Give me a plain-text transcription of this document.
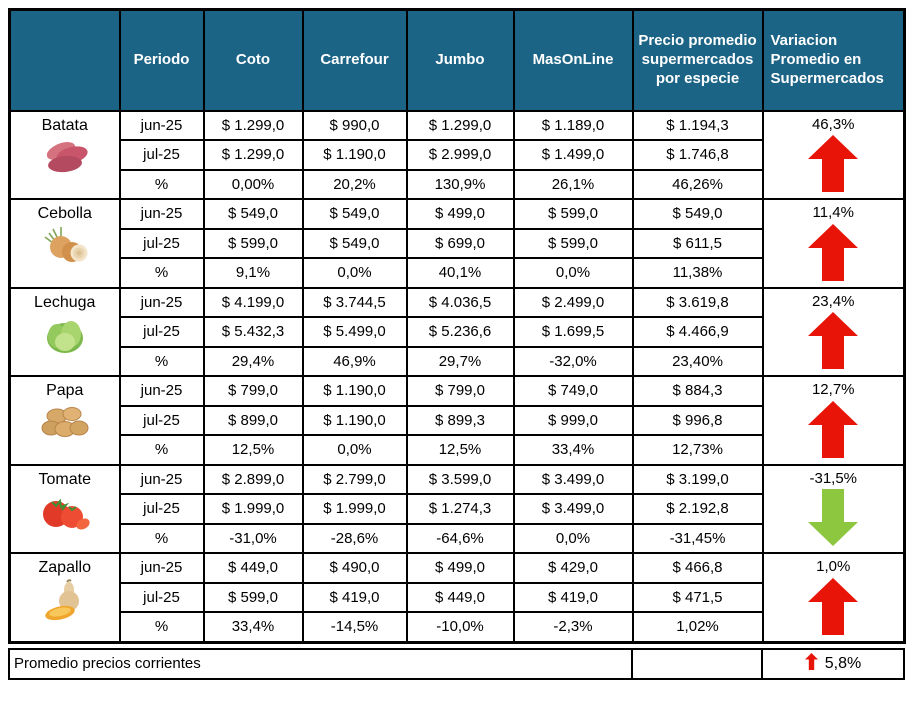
	Periodo	Coto	Carrefour	Jumbo	MasOnLine	Precio promedio supermercados por especie	Variacion Promedio en Supermercados

Batata	jun-25	$ 1.299,0	$ 990,0	$ 1.299,0	$ 1.189,0	$ 1.194,3	46,3%

	jul-25	$ 1.299,0	$ 1.190,0	$ 2.999,0	$ 1.499,0	$ 1.746,8	
	%	0,00%	20,2%	130,9%	26,1%	46,26%	

Cebolla	jun-25	$ 549,0	$ 549,0	$ 499,0	$ 599,0	$ 549,0	11,4%

	jul-25	$ 599,0	$ 549,0	$ 699,0	$ 599,0	$ 611,5	
	%	9,1%	0,0%	40,1%	0,0%	11,38%	

Lechuga	jun-25	$ 4.199,0	$ 3.744,5	$ 4.036,5	$ 2.499,0	$ 3.619,8	23,4%

	jul-25	$ 5.432,3	$ 5.499,0	$ 5.236,6	$ 1.699,5	$ 4.466,9	
	%	29,4%	46,9%	29,7%	-32,0%	23,40%	

Papa	jun-25	$ 799,0	$ 1.190,0	$ 799,0	$ 749,0	$ 884,3	12,7%

	jul-25	$ 899,0	$ 1.190,0	$ 899,3	$ 999,0	$ 996,8	
	%	12,5%	0,0%	12,5%	33,4%	12,73%	

Tomate	jun-25	$ 2.899,0	$ 2.799,0	$ 3.599,0	$ 3.499,0	$ 3.199,0	-31,5%

	jul-25	$ 1.999,0	$ 1.999,0	$ 1.274,3	$ 3.499,0	$ 2.192,8	
	%	-31,0%	-28,6%	-64,6%	0,0%	-31,45%	

Zapallo	jun-25	$ 449,0	$ 490,0	$ 499,0	$ 429,0	$ 466,8	1,0%

	jul-25	$ 599,0	$ 419,0	$ 449,0	$ 419,0	$ 471,5	
	%	33,4%	-14,5%	-10,0%	-2,3%	1,02%	
Promedio precios corrientes		5,8%
